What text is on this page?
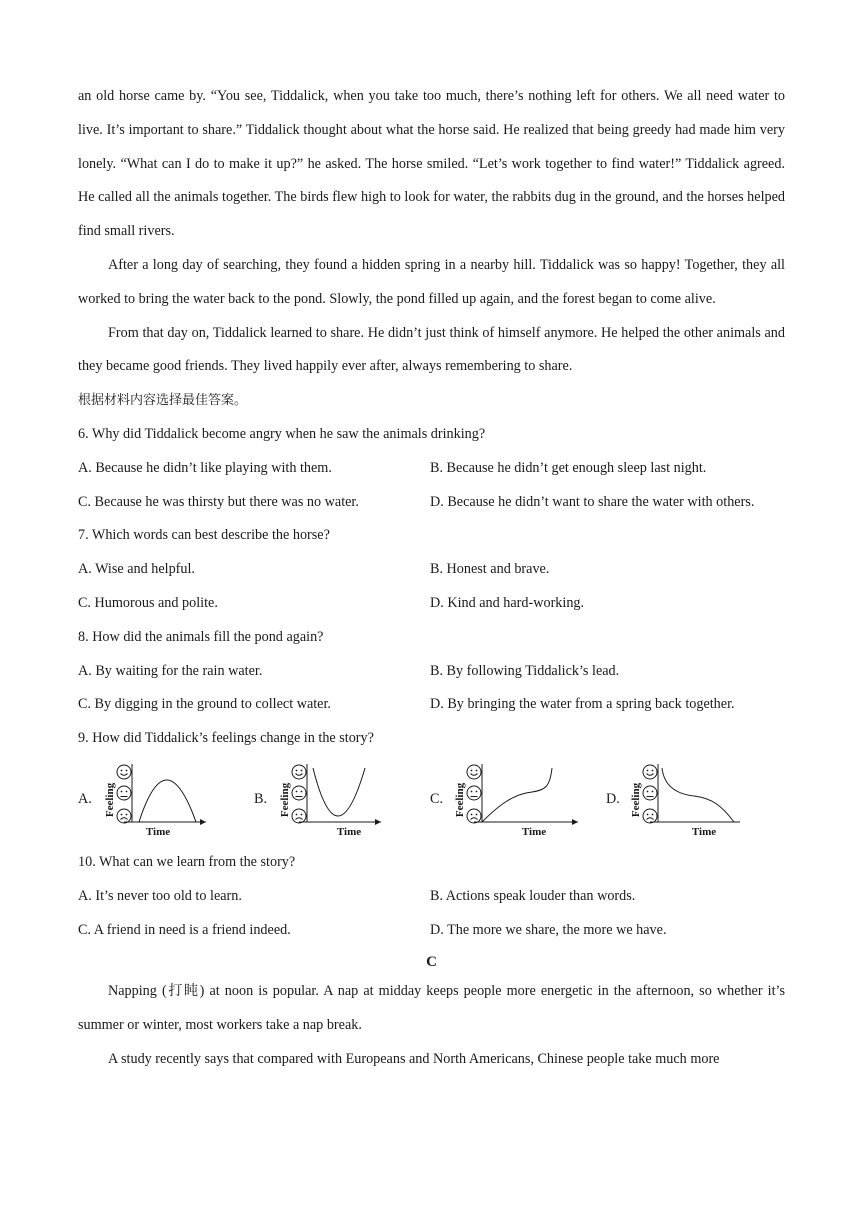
an old horse came by. “You see, Tiddalick, when you take too much, there’s nothing left for others. We all need water to live. It’s important to share.” Tiddalick thought about what the horse said. He realized that being greedy had made him very lonely. “What can I do to make it up?” he asked. The horse smiled. “Let’s work together to find water!” Tiddalick agreed. He called all the animals together. The birds flew high to look for water, the rabbits dug in the ground, and the horses helped find small rivers.

After a long day of searching, they found a hidden spring in a nearby hill. Tiddalick was so happy! Together, they all worked to bring the water back to the pond. Slowly, the pond filled up again, and the forest began to come alive.

From that day on, Tiddalick learned to share. He didn’t just think of himself anymore. He helped the other animals and they became good friends. They lived happily ever after, always remembering to share.

根据材料内容选择最佳答案。

6. Why did Tiddalick become angry when he saw the animals drinking?

A. Because he didn’t like playing with them.	B. Because he didn’t get enough sleep last night.
C. Because he was thirsty but there was no water.	D. Because he didn’t want to share the water with others.

7. Which words can best describe the horse?

A. Wise and helpful.	B. Honest and brave.
C. Humorous and polite.	D. Kind and hard-working.

8. How did the animals fill the pond again?

A. By waiting for the rain water.	B. By following Tiddalick’s lead.
C. By digging in the ground to collect water.	D. By bringing the water from a spring back together.

9. How did Tiddalick’s feelings change in the story?

A. Feeling
Time
B. Feeling
Time
C. Feeling
Time
D. Feeling
Time

10. What can we learn from the story?

A. It’s never too old to learn.	B. Actions speak louder than words.
C. A friend in need is a friend indeed.	D. The more we share, the more we have.
C

Napping (打盹) at noon is popular. A nap at midday keeps people more energetic in the afternoon, so whether it’s summer or winter, most workers take a nap break.

A study recently says that compared with Europeans and North Americans, Chinese people take much more
